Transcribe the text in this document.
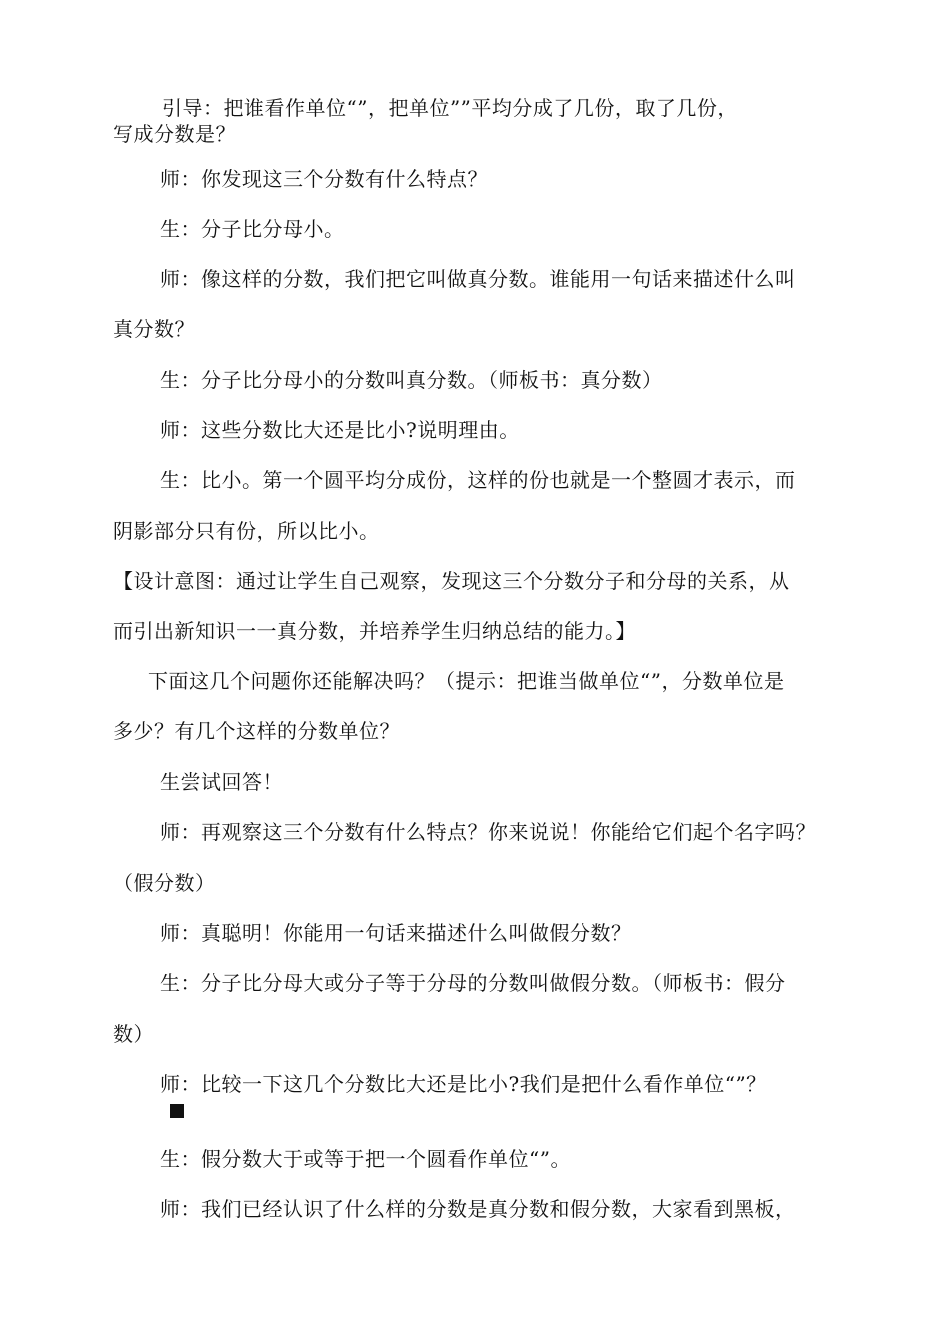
引导：把谁看作单位“”，把单位””平均分成了几份，取了几份，
写成分数是？
师：你发现这三个分数有什么特点？
生：分子比分母小。
师：像这样的分数，我们把它叫做真分数。谁能用一句话来描述什么叫
真分数？
生：分子比分母小的分数叫真分数。（师板书：真分数）
师：这些分数比大还是比小?说明理由。
生：比小。第一个圆平均分成份，这样的份也就是一个整圆才表示，而
阴影部分只有份，所以比小。
【设计意图：通过让学生自己观察，发现这三个分数分子和分母的关系，从
而引出新知识一一真分数，并培养学生归纳总结的能力。】
下面这几个问题你还能解决吗？（提示：把谁当做单位“”，分数单位是
多少？有几个这样的分数单位？
生尝试回答！
师：再观察这三个分数有什么特点？你来说说！你能给它们起个名字吗？
（假分数）
师：真聪明！你能用一句话来描述什么叫做假分数？
生：分子比分母大或分子等于分母的分数叫做假分数。（师板书：假分
数）
师：比较一下这几个分数比大还是比小?我们是把什么看作单位“”？
生：假分数大于或等于把一个圆看作单位“”。
师：我们已经认识了什么样的分数是真分数和假分数，大家看到黑板，
